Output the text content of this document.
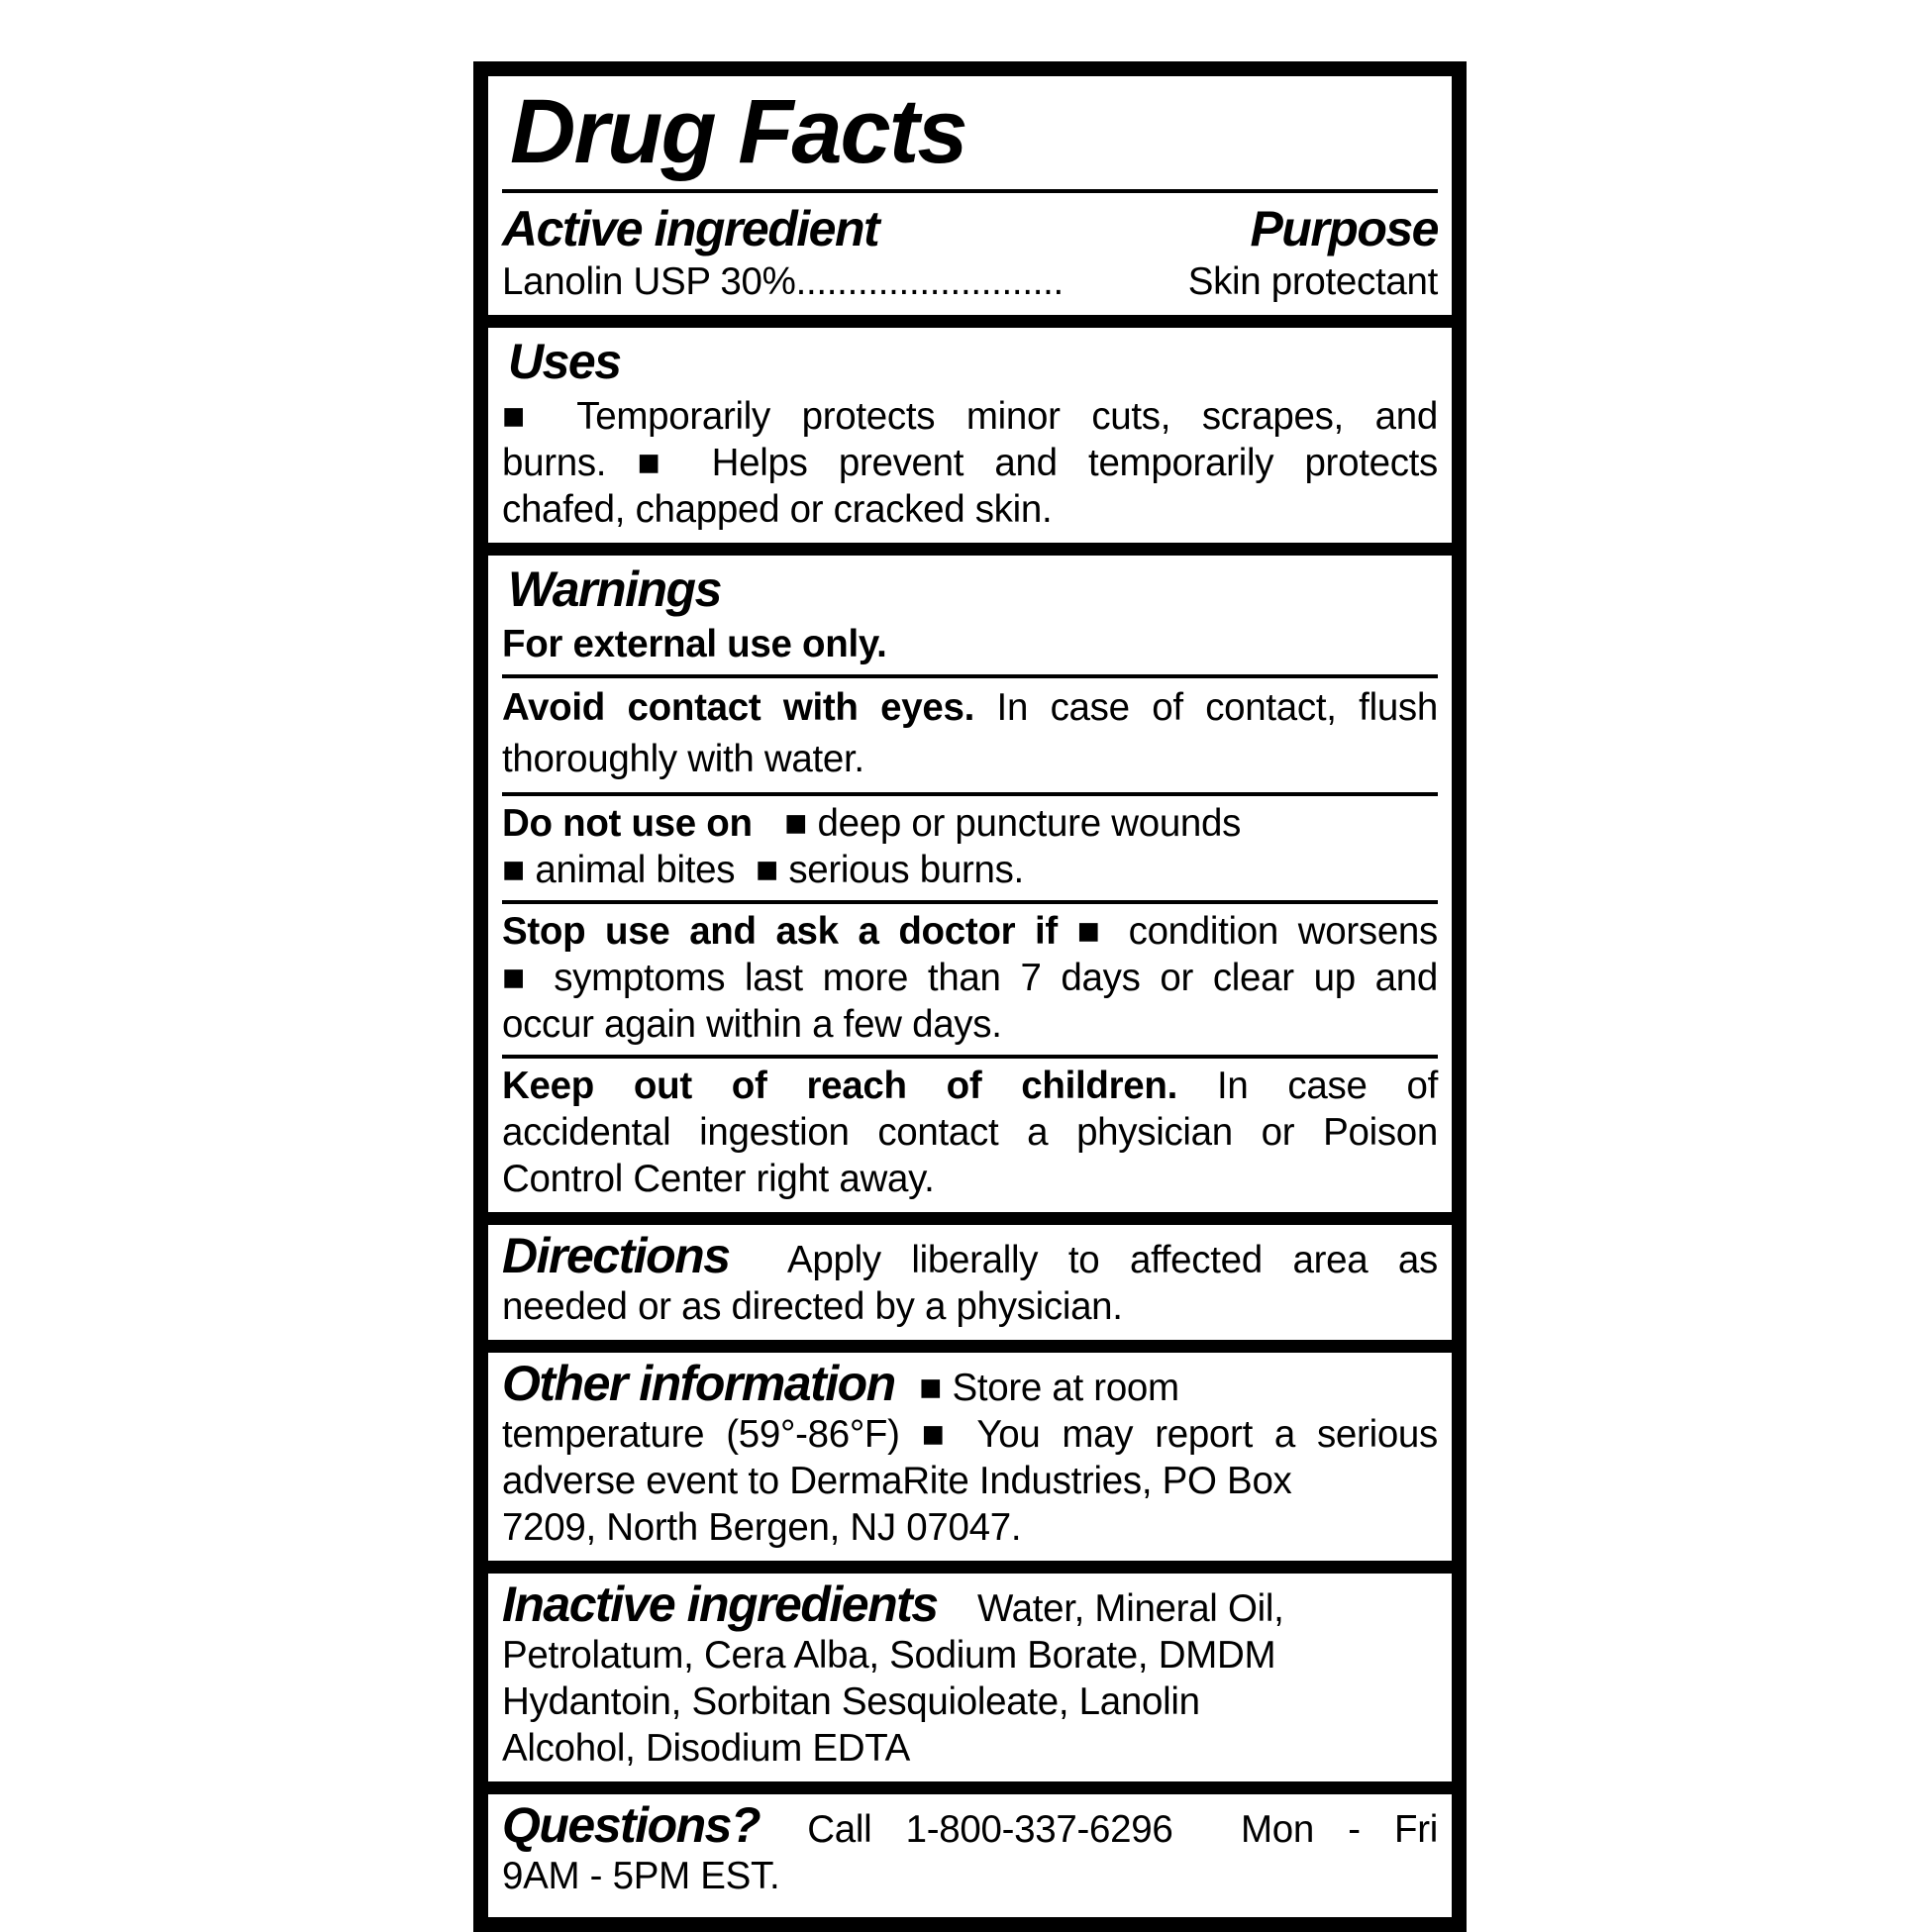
Drug Facts
Active ingredient	Purpose
Lanolin USP 30% ..........................	Skin protectant
Uses
■ Temporarily protects minor cuts, scrapes, and
burns. ■ Helps prevent and temporarily protects
chafed, chapped or cracked skin.
Warnings
For external use only.
Avoid contact with eyes. In case of contact, flush
thoroughly with water.
Do not use on ■ deep or puncture wounds
■ animal bites  ■ serious burns.
Stop use and ask a doctor if ■ condition worsens
■ symptoms last more than 7 days or clear up and
occur again within a few days.
Keep out of reach of children. In case of
accidental ingestion contact a physician or Poison
Control Center right away.
Directions Apply liberally to affected area as
needed or as directed by a physician.
Other information ■ Store at room
temperature (59°-86°F) ■ You may report a serious
adverse event to DermaRite Industries, PO Box
7209, North Bergen, NJ 07047.
Inactive ingredients Water, Mineral Oil,
Petrolatum, Cera Alba, Sodium Borate, DMDM
Hydantoin, Sorbitan Sesquioleate, Lanolin
Alcohol, Disodium EDTA
Questions? Call 1-800-337-6296  Mon - Fri
9AM - 5PM EST.
